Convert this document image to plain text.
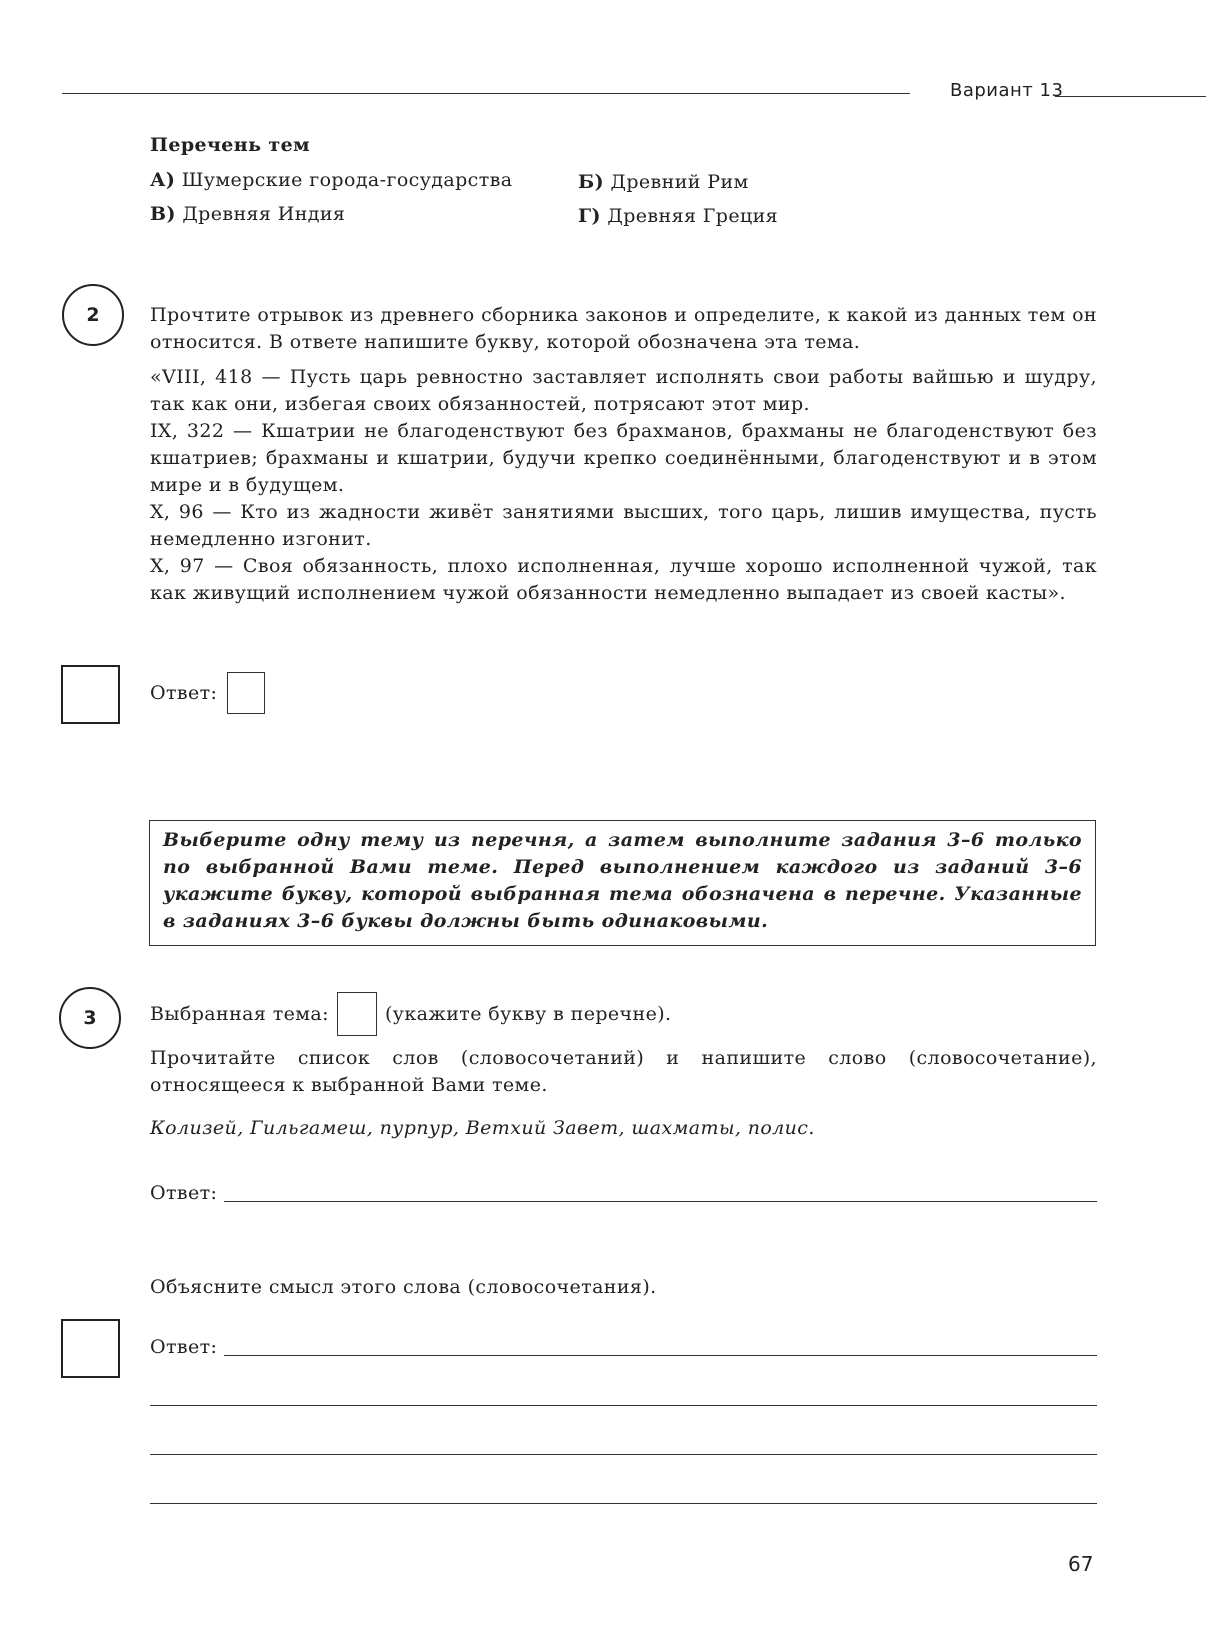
Вариант 13
Перечень тем
А) Шумерские города-государства	Б) Древний Рим
В) Древняя Индия	Г) Древняя Греция
2	Прочтите отрывок из древнего сборника законов и определите, к какой из данных тем он относится. В ответе напишите букву, которой обозначена эта тема.

«VIII, 418 — Пусть царь ревностно заставляет исполнять свои работы вайшью и шудру, так как они, избегая своих обязанностей, потрясают этот мир.

IX, 322 — Кшатрии не благоденствуют без брахманов, брахманы не благоденствуют без кшатриев; брахманы и кшатрии, будучи крепко соединёнными, благоденствуют и в этом мире и в будущем.

X, 96 — Кто из жадности живёт занятиями высших, того царь, лишив имущества, пусть немедленно изгонит.

X, 97 — Своя обязанность, плохо исполненная, лучше хорошо исполненной чужой, так как живущий исполнением чужой обязанности немедленно выпадает из своей касты».

Ответ:
Выберите одну тему из перечня, а затем выполните задания 3–6 только по выбранной Вами теме. Перед выполнением каждого из заданий 3–6 укажите букву, которой выбранная тема обозначена в перечне. Указанные в заданиях 3–6 буквы должны быть одинаковыми.
3	Выбранная тема:	(укажите букву в перечне).
Прочитайте список слов (словосочетаний) и напишите слово (словосочетание), относящееся к выбранной Вами теме.
Колизей, Гильгамеш, пурпур, Ветхий Завет, шахматы, полис.
Ответ:
Объясните смысл этого слова (словосочетания).
Ответ:
67
